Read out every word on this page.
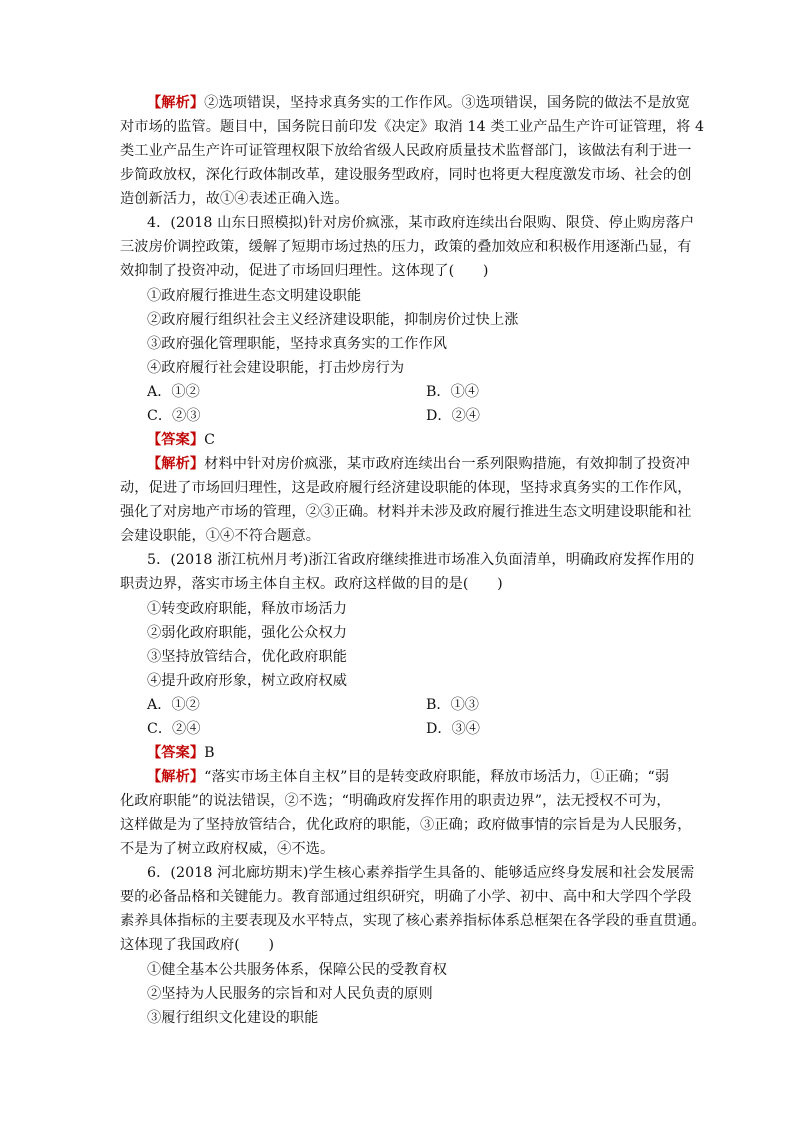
【解析】②选项错误，坚持求真务实的工作作风。③选项错误，国务院的做法不是放宽
对市场的监管。题目中，国务院日前印发《决定》取消 14 类工业产品生产许可证管理，将 4
类工业产品生产许可证管理权限下放给省级人民政府质量技术监督部门，该做法有利于进一
步简政放权，深化行政体制改革，建设服务型政府，同时也将更大程度激发市场、社会的创
造创新活力，故①④表述正确入选。
4．(2018 山东日照模拟)针对房价疯涨，某市政府连续出台限购、限贷、停止购房落户
三波房价调控政策，缓解了短期市场过热的压力，政策的叠加效应和积极作用逐渐凸显，有
效抑制了投资冲动，促进了市场回归理性。这体现了(　　)
①政府履行推进生态文明建设职能
②政府履行组织社会主义经济建设职能，抑制房价过快上涨
③政府强化管理职能，坚持求真务实的工作作风
④政府履行社会建设职能，打击炒房行为
A．①②	B．①④
C．②③	D．②④
【答案】C
【解析】材料中针对房价疯涨，某市政府连续出台一系列限购措施，有效抑制了投资冲
动，促进了市场回归理性，这是政府履行经济建设职能的体现，坚持求真务实的工作作风，
强化了对房地产市场的管理，②③正确。材料并未涉及政府履行推进生态文明建设职能和社
会建设职能，①④不符合题意。
5．(2018 浙江杭州月考)浙江省政府继续推进市场准入负面清单，明确政府发挥作用的
职责边界，落实市场主体自主权。政府这样做的目的是(　　)
①转变政府职能，释放市场活力
②弱化政府职能，强化公众权力
③坚持放管结合，优化政府职能
④提升政府形象，树立政府权威
A．①②	B．①③
C．②④	D．③④
【答案】B
【解析】“落实市场主体自主权”目的是转变政府职能，释放市场活力，①正确；“弱
化政府职能”的说法错误，②不选；“明确政府发挥作用的职责边界”，法无授权不可为，
这样做是为了坚持放管结合，优化政府的职能，③正确；政府做事情的宗旨是为人民服务，
不是为了树立政府权威，④不选。
6．(2018 河北廊坊期末)学生核心素养指学生具备的、能够适应终身发展和社会发展需
要的必备品格和关键能力。教育部通过组织研究，明确了小学、初中、高中和大学四个学段
素养具体指标的主要表现及水平特点，实现了核心素养指标体系总框架在各学段的垂直贯通。
这体现了我国政府(　　)
①健全基本公共服务体系，保障公民的受教育权
②坚持为人民服务的宗旨和对人民负责的原则
③履行组织文化建设的职能
